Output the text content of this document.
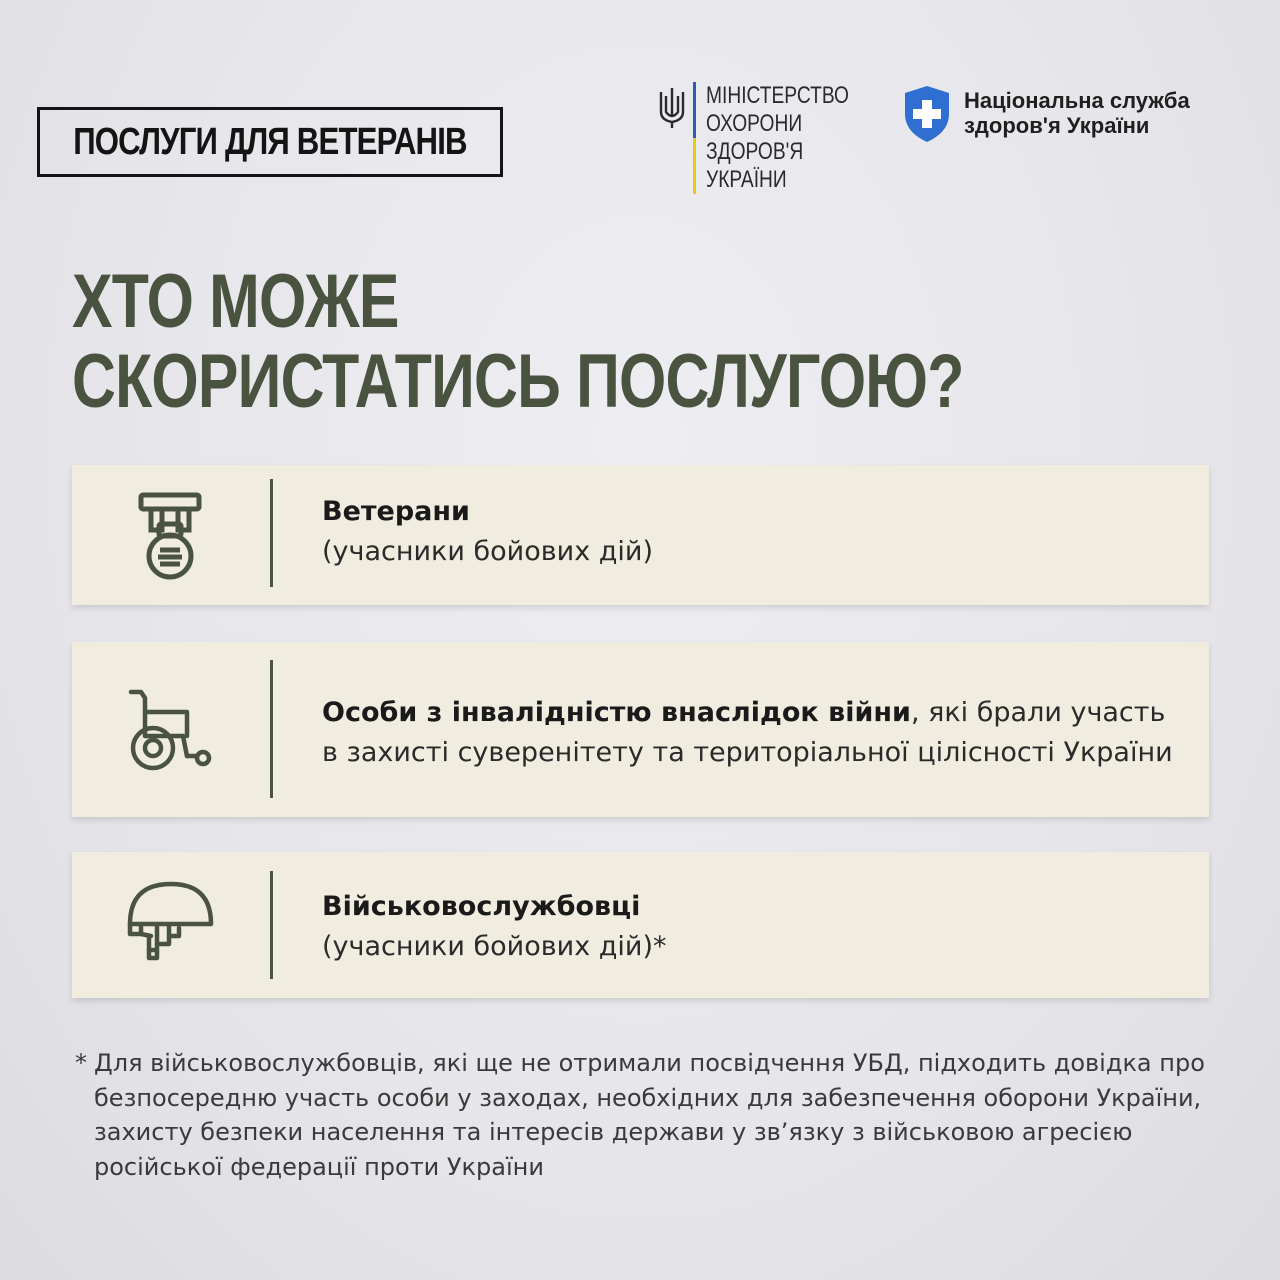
ПОСЛУГИ ДЛЯ ВЕТЕРАНІВ
МІНІСТЕРСТВО
ОХОРОНИ
ЗДОРОВ'Я
УКРАЇНИ
Національна служба
здоров'я України
ХТО МОЖЕ
СКОРИСТАТИСЬ ПОСЛУГОЮ?
Ветерани
(учасники бойових дій)
Особи з інвалідністю внаслідок війни, які брали участь
в захисті суверенітету та територіальної цілісності України
Військовослужбовці
(учасники бойових дій)*
* Для військовослужбовців, які ще не отримали посвідчення УБД, підходить довідка про
безпосередню участь особи у заходах, необхідних для забезпечення оборони України,
захисту безпеки населення та інтересів держави у зв’язку з військовою агресією
російської федерації проти України
